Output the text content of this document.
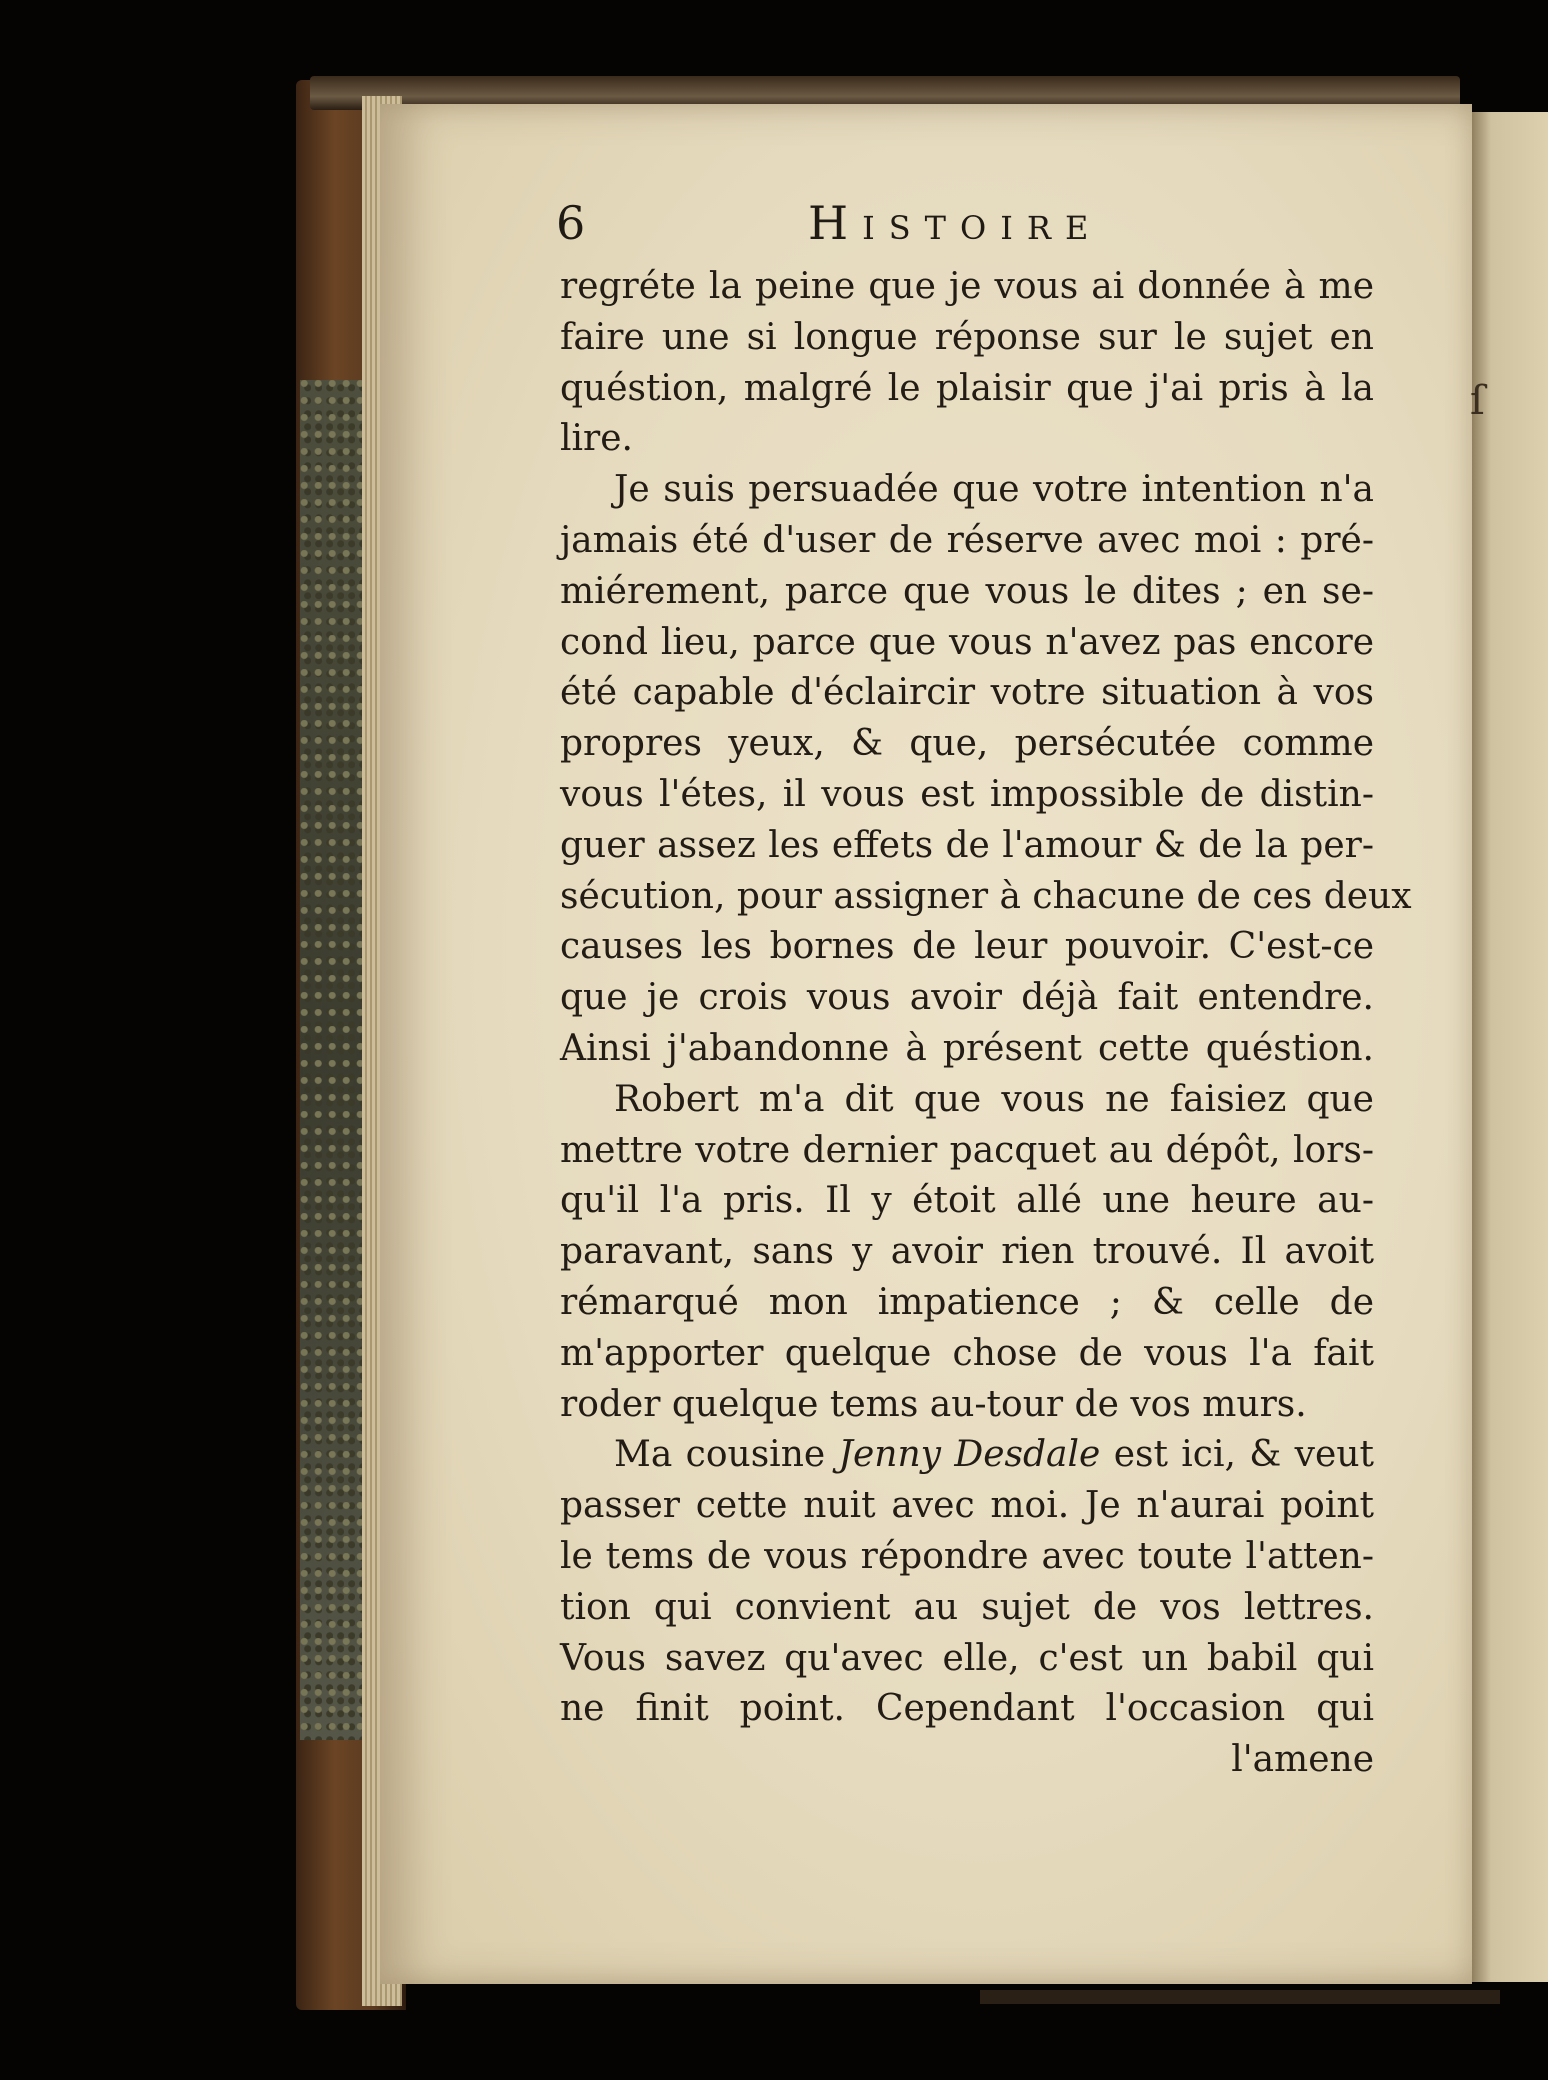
6	Histoire
regréte la peine que je vous ai donnée à me
faire une si longue réponse sur le sujet en
quéstion, malgré le plaisir que j'ai pris à la
lire.
Je suis persuadée que votre intention n'a
jamais été d'user de réserve avec moi : pré-
miérement, parce que vous le dites ; en se-
cond lieu, parce que vous n'avez pas encore
été capable d'éclaircir votre situation à vos
propres yeux, & que, persécutée comme
vous l'étes, il vous est impossible de distin-
guer assez les effets de l'amour & de la per-
sécution, pour assigner à chacune de ces deux
causes les bornes de leur pouvoir. C'est-ce
que je crois vous avoir déjà fait entendre.
Ainsi j'abandonne à présent cette quéstion.
Robert m'a dit que vous ne faisiez que
mettre votre dernier pacquet au dépôt, lors-
qu'il l'a pris. Il y étoit allé une heure au-
paravant, sans y avoir rien trouvé. Il avoit
rémarqué mon impatience ; & celle de
m'apporter quelque chose de vous l'a fait
roder quelque tems au-tour de vos murs.
Ma cousine Jenny Desdale est ici, & veut
passer cette nuit avec moi. Je n'aurai point
le tems de vous répondre avec toute l'atten-
tion qui convient au sujet de vos lettres.
Vous savez qu'avec elle, c'est un babil qui
ne finit point. Cependant l'occasion qui
l'amene
ſ
